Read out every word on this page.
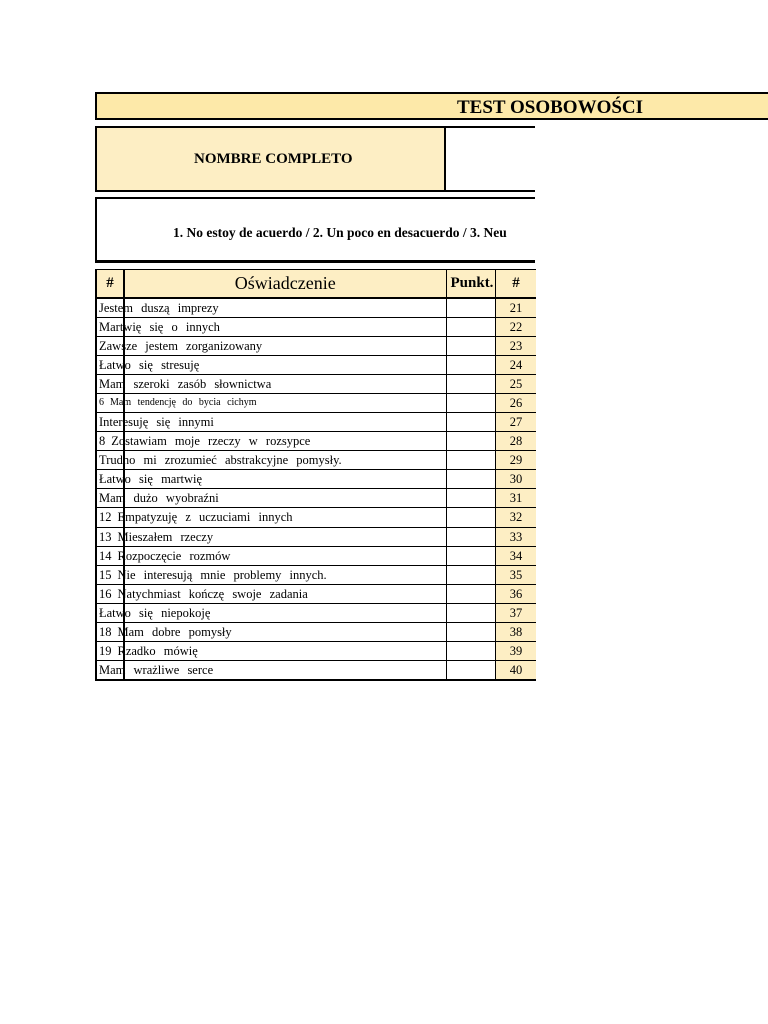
TEST OSOBOWOŚCI
NOMBRE COMPLETO
1. No estoy de acuerdo / 2. Un poco en desacuerdo / 3. Neu
#	Oświadczenie	Punkt.	#

Jestem duszą imprezy			21

Martwię się o innych			22

Zawsze jestem zorganizowany			23

Łatwo się stresuję			24

Mam szeroki zasób słownictwa			25

6 Mam tendencję do bycia cichym			26

Interesuję się innymi			27

8 Zostawiam moje rzeczy w rozsypce			28

Trudno mi zrozumieć abstrakcyjne pomysły.			29

Łatwo się martwię			30

Mam dużo wyobraźni			31

12 Empatyzuję z uczuciami innych			32

13 Mieszałem rzeczy			33

14 Rozpoczęcie rozmów			34

15 Nie interesują mnie problemy innych.			35

16 Natychmiast kończę swoje zadania			36

Łatwo się niepokoję			37

18 Mam dobre pomysły			38

19 Rzadko mówię			39

Mam wrażliwe serce			40
